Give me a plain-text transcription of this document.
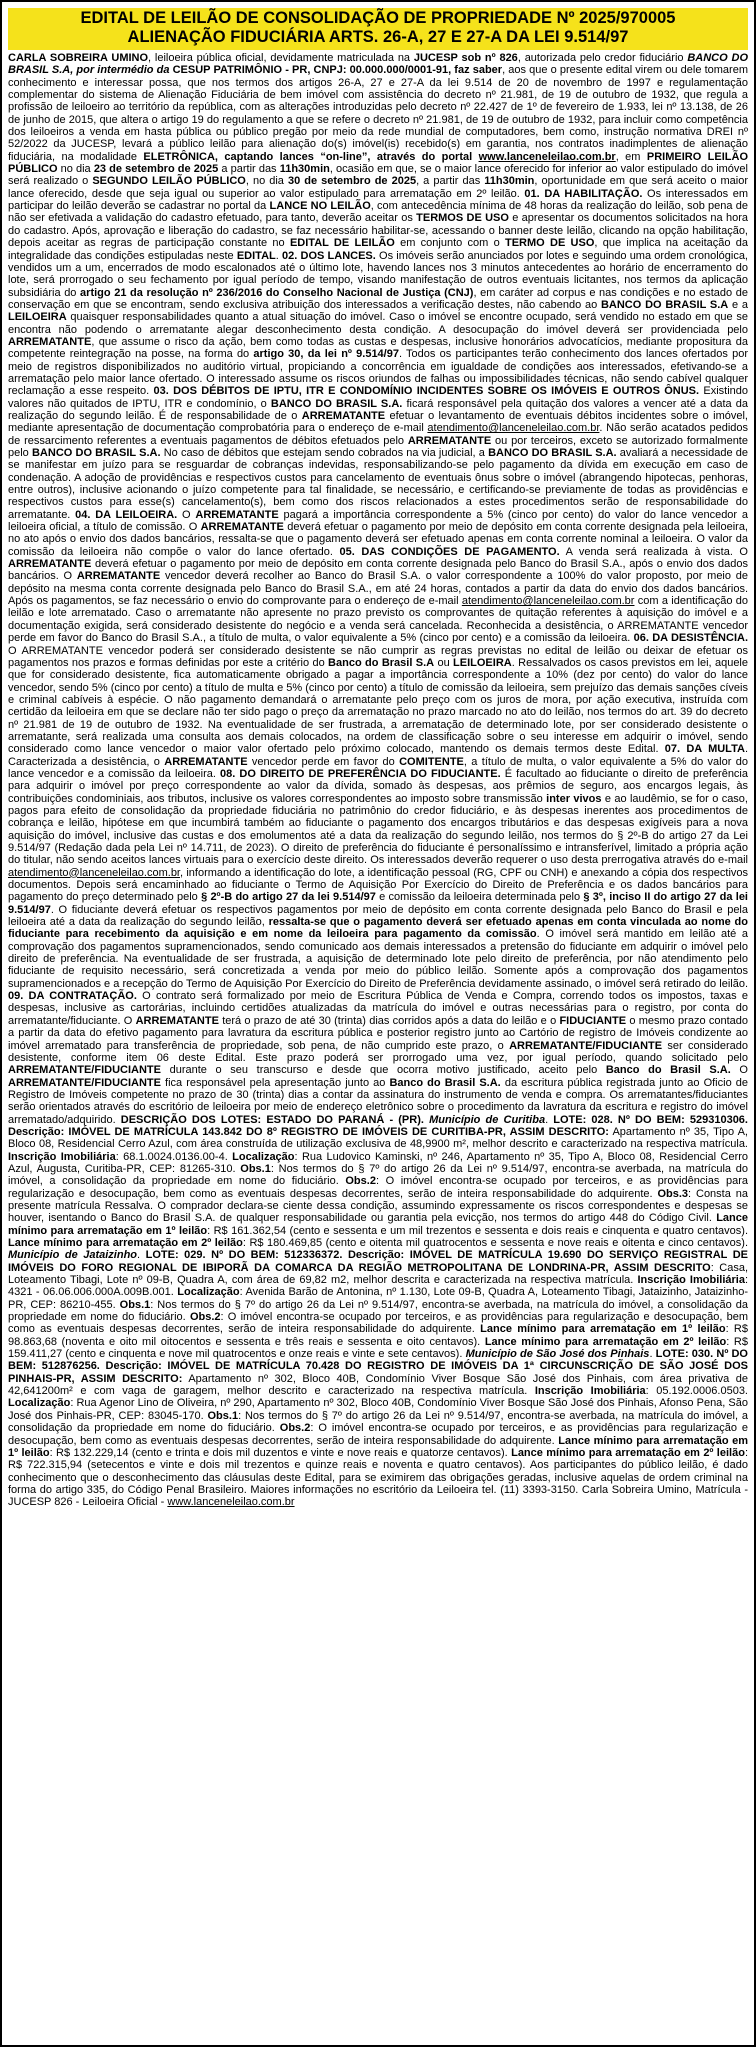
EDITAL DE LEILÃO DE CONSOLIDAÇÃO DE PROPRIEDADE Nº 2025/970005
ALIENAÇÃO FIDUCIÁRIA ARTS. 26-A, 27 E 27-A DA LEI 9.514/97

CARLA SOBREIRA UMINO, leiloeira pública oficial, devidamente matriculada na JUCESP sob nº 826, autorizada pelo credor fiduciário BANCO DO BRASIL S.A, por intermédio da CESUP PATRIMÔNIO - PR, CNPJ: 00.000.000/0001-91, faz saber, aos que o presente edital virem ou dele tomarem conhecimento e interessar possa, que nos termos dos artigos 26-A, 27 e 27-A da lei 9.514 de 20 de novembro de 1997 e regulamentação complementar do sistema de Alienação Fiduciária de bem imóvel com assistência do decreto nº 21.981, de 19 de outubro de 1932, que regula a profissão de leiloeiro ao território da república, com as alterações introduzidas pelo decreto nº 22.427 de 1º de fevereiro de 1.933, lei nº 13.138, de 26 de junho de 2015, que altera o artigo 19 do regulamento a que se refere o decreto nº 21.981, de 19 de outubro de 1932, para incluir como competência dos leiloeiros a venda em hasta pública ou público pregão por meio da rede mundial de computadores, bem como, instrução normativa DREI nº 52/2022 da JUCESP, levará a público leilão para alienação do(s) imóvel(is) recebido(s) em garantia, nos contratos inadimplentes de alienação fiduciária, na modalidade ELETRÔNICA, captando lances “on-line”, através do portal www.lanceneleilao.com.br, em PRIMEIRO LEILÃO PÚBLICO no dia 23 de setembro de 2025 a partir das 11h30min, ocasião em que, se o maior lance oferecido for inferior ao valor estipulado do imóvel será realizado o SEGUNDO LEILÃO PÚBLICO, no dia 30 de setembro de 2025, a partir das 11h30min, oportunidade em que será aceito o maior lance oferecido, desde que seja igual ou superior ao valor estipulado para arrematação em 2º leilão. 01. DA HABILITAÇÃO. Os interessados em participar do leilão deverão se cadastrar no portal da LANCE NO LEILÃO, com antecedência mínima de 48 horas da realização do leilão, sob pena de não ser efetivada a validação do cadastro efetuado, para tanto, deverão aceitar os TERMOS DE USO e apresentar os documentos solicitados na hora do cadastro. Após, aprovação e liberação do cadastro, se faz necessário habilitar-se, acessando o banner deste leilão, clicando na opção habilitação, depois aceitar as regras de participação constante no EDITAL DE LEILÃO em conjunto com o TERMO DE USO, que implica na aceitação da integralidade das condições estipuladas neste EDITAL. 02. DOS LANCES. Os imóveis serão anunciados por lotes e seguindo uma ordem cronológica, vendidos um a um, encerrados de modo escalonados até o último lote, havendo lances nos 3 minutos antecedentes ao horário de encerramento do lote, será prorrogado o seu fechamento por igual período de tempo, visando manifestação de outros eventuais licitantes, nos termos da aplicação subsidiária do artigo 21 da resolução nº 236/2016 do Conselho Nacional de Justiça (CNJ), em caráter ad corpus e nas condições e no estado de conservação em que se encontram, sendo exclusiva atribuição dos interessados a verificação destes, não cabendo ao BANCO DO BRASIL S.A e a LEILOEIRA quaisquer responsabilidades quanto a atual situação do imóvel. Caso o imóvel se encontre ocupado, será vendido no estado em que se encontra não podendo o arrematante alegar desconhecimento desta condição. A desocupação do imóvel deverá ser providenciada pelo ARREMATANTE, que assume o risco da ação, bem como todas as custas e despesas, inclusive honorários advocatícios, mediante propositura da competente reintegração na posse, na forma do artigo 30, da lei nº 9.514/97. Todos os participantes terão conhecimento dos lances ofertados por meio de registros disponibilizados no auditório virtual, propiciando a concorrência em igualdade de condições aos interessados, efetivando-se a arrematação pelo maior lance ofertado. O interessado assume os riscos oriundos de falhas ou impossibilidades técnicas, não sendo cabível qualquer reclamação a esse respeito. 03. DOS DÉBITOS DE IPTU, ITR E CONDOMÍNIO INCIDENTES SOBRE OS IMÓVEIS E OUTROS ÔNUS. Existindo valores não quitados de IPTU, ITR e condomínio, o BANCO DO BRASIL S.A. ficará responsável pela quitação dos valores a vencer até a data da realização do segundo leilão. É de responsabilidade de o ARREMATANTE efetuar o levantamento de eventuais débitos incidentes sobre o imóvel, mediante apresentação de documentação comprobatória para o endereço de e-mail atendimento@lanceneleilao.com.br. Não serão acatados pedidos de ressarcimento referentes a eventuais pagamentos de débitos efetuados pelo ARREMATANTE ou por terceiros, exceto se autorizado formalmente pelo BANCO DO BRASIL S.A. No caso de débitos que estejam sendo cobrados na via judicial, a BANCO DO BRASIL S.A. avaliará a necessidade de se manifestar em juízo para se resguardar de cobranças indevidas, responsabilizando-se pelo pagamento da dívida em execução em caso de condenação. A adoção de providências e respectivos custos para cancelamento de eventuais ônus sobre o imóvel (abrangendo hipotecas, penhoras, entre outros), inclusive acionando o juízo competente para tal finalidade, se necessário, e certificando-se previamente de todas as providências e respectivos custos para esse(s) cancelamento(s), bem como dos riscos relacionados a estes procedimentos serão de responsabilidade do arrematante. 04. DA LEILOEIRA. O ARREMATANTE pagará a importância correspondente a 5% (cinco por cento) do valor do lance vencedor a leiloeira oficial, a título de comissão. O ARREMATANTE deverá efetuar o pagamento por meio de depósito em conta corrente designada pela leiloeira, no ato após o envio dos dados bancários, ressalta-se que o pagamento deverá ser efetuado apenas em conta corrente nominal a leiloeira. O valor da comissão da leiloeira não compõe o valor do lance ofertado. 05. DAS CONDIÇÕES DE PAGAMENTO. A venda será realizada à vista. O ARREMATANTE deverá efetuar o pagamento por meio de depósito em conta corrente designada pelo Banco do Brasil S.A., após o envio dos dados bancários. O ARREMATANTE vencedor deverá recolher ao Banco do Brasil S.A. o valor correspondente a 100% do valor proposto, por meio de depósito na mesma conta corrente designada pelo Banco do Brasil S.A., em até 24 horas, contados a partir da data do envio dos dados bancários. Após os pagamentos, se faz necessário o envio do comprovante para o endereço de e-mail atendimento@lanceneleilao.com.br com a identificação do leilão e lote arrematado. Caso o arrematante não apresente no prazo previsto os comprovantes de quitação referentes à aquisição do imóvel e a documentação exigida, será considerado desistente do negócio e a venda será cancelada. Reconhecida a desistência, o ARREMATANTE vencedor perde em favor do Banco do Brasil S.A., a título de multa, o valor equivalente a 5% (cinco por cento) e a comissão da leiloeira. 06. DA DESISTÊNCIA. O ARREMATANTE vencedor poderá ser considerado desistente se não cumprir as regras previstas no edital de leilão ou deixar de efetuar os pagamentos nos prazos e formas definidas por este a critério do Banco do Brasil S.A ou LEILOEIRA. Ressalvados os casos previstos em lei, aquele que for considerado desistente, fica automaticamente obrigado a pagar a importância correspondente a 10% (dez por cento) do valor do lance vencedor, sendo 5% (cinco por cento) a título de multa e 5% (cinco por cento) a título de comissão da leiloeira, sem prejuízo das demais sanções cíveis e criminal cabíveis à espécie. O não pagamento demandará o arrematante pelo preço com os juros de mora, por ação executiva, instruída com certidão da leiloeira em que se declare não ter sido pago o preço da arrematação no prazo marcado no ato do leilão, nos termos do art. 39 do decreto nº 21.981 de 19 de outubro de 1932. Na eventualidade de ser frustrada, a arrematação de determinado lote, por ser considerado desistente o arrematante, será realizada uma consulta aos demais colocados, na ordem de classificação sobre o seu interesse em adquirir o imóvel, sendo considerado como lance vencedor o maior valor ofertado pelo próximo colocado, mantendo os demais termos deste Edital. 07. DA MULTA. Caracterizada a desistência, o ARREMATANTE vencedor perde em favor do COMITENTE, a título de multa, o valor equivalente a 5% do valor do lance vencedor e a comissão da leiloeira. 08. DO DIREITO DE PREFERÊNCIA DO FIDUCIANTE. É facultado ao fiduciante o direito de preferência para adquirir o imóvel por preço correspondente ao valor da dívida, somado às despesas, aos prêmios de seguro, aos encargos legais, às contribuições condominiais, aos tributos, inclusive os valores correspondentes ao imposto sobre transmissão inter vivos e ao laudêmio, se for o caso, pagos para efeito de consolidação da propriedade fiduciária no patrimônio do credor fiduciário, e às despesas inerentes aos procedimentos de cobrança e leilão, hipótese em que incumbirá também ao fiduciante o pagamento dos encargos tributários e das despesas exigíveis para a nova aquisição do imóvel, inclusive das custas e dos emolumentos até a data da realização do segundo leilão, nos termos do § 2º-B do artigo 27 da Lei 9.514/97 (Redação dada pela Lei nº 14.711, de 2023). O direito de preferência do fiduciante é personalíssimo e intransferível, limitado a própria ação do titular, não sendo aceitos lances virtuais para o exercício deste direito. Os interessados deverão requerer o uso desta prerrogativa através do e-mail atendimento@lanceneleilao.com.br, informando a identificação do lote, a identificação pessoal (RG, CPF ou CNH) e anexando a cópia dos respectivos documentos. Depois será encaminhado ao fiduciante o Termo de Aquisição Por Exercício do Direito de Preferência e os dados bancários para pagamento do preço determinado pelo § 2º-B do artigo 27 da lei 9.514/97 e comissão da leiloeira determinada pelo § 3º, inciso II do artigo 27 da lei 9.514/97. O fiduciante deverá efetuar os respectivos pagamentos por meio de depósito em conta corrente designada pelo Banco do Brasil e pela leiloeira até a data da realização do segundo leilão, ressalta-se que o pagamento deverá ser efetuado apenas em conta vinculada ao nome do fiduciante para recebimento da aquisição e em nome da leiloeira para pagamento da comissão. O imóvel será mantido em leilão até a comprovação dos pagamentos supramencionados, sendo comunicado aos demais interessados a pretensão do fiduciante em adquirir o imóvel pelo direito de preferência. Na eventualidade de ser frustrada, a aquisição de determinado lote pelo direito de preferência, por não atendimento pelo fiduciante de requisito necessário, será concretizada a venda por meio do público leilão. Somente após a comprovação dos pagamentos supramencionados e a recepção do Termo de Aquisição Por Exercício do Direito de Preferência devidamente assinado, o imóvel será retirado do leilão. 09. DA CONTRATAÇÃO. O contrato será formalizado por meio de Escritura Pública de Venda e Compra, correndo todos os impostos, taxas e despesas, inclusive as cartorárias, incluindo certidões atualizadas da matrícula do imóvel e outras necessárias para o registro, por conta do arrematante/fiduciante. O ARREMATANTE terá o prazo de até 30 (trinta) dias corridos após a data do leilão e o FIDUCIANTE o mesmo prazo contado a partir da data do efetivo pagamento para lavratura da escritura pública e posterior registro junto ao Cartório de registro de Imóveis condizente ao imóvel arrematado para transferência de propriedade, sob pena, de não cumprido este prazo, o ARREMATANTE/FIDUCIANTE ser considerado desistente, conforme item 06 deste Edital. Este prazo poderá ser prorrogado uma vez, por igual período, quando solicitado pelo ARREMATANTE/FIDUCIANTE durante o seu transcurso e desde que ocorra motivo justificado, aceito pelo Banco do Brasil S.A. O ARREMATANTE/FIDUCIANTE fica responsável pela apresentação junto ao Banco do Brasil S.A. da escritura pública registrada junto ao Oficio de Registro de Imóveis competente no prazo de 30 (trinta) dias a contar da assinatura do instrumento de venda e compra. Os arrematantes/fiduciantes serão orientados através do escritório de leiloeira por meio de endereço eletrônico sobre o procedimento da lavratura da escritura e registro do imóvel arrematado/adquirido. DESCRIÇÃO DOS LOTES: ESTADO DO PARANÁ - (PR). Município de Curitiba. LOTE: 028. Nº DO BEM: 529310306. Descrição: IMÓVEL DE MATRÍCULA 143.842 DO 8º REGISTRO DE IMÓVEIS DE CURITIBA-PR, ASSIM DESCRITO: Apartamento nº 35, Tipo A, Bloco 08, Residencial Cerro Azul, com área construída de utilização exclusiva de 48,9900 m², melhor descrito e caracterizado na respectiva matrícula. Inscrição Imobiliária: 68.1.0024.0136.00-4. Localização: Rua Ludovico Kaminski, nº 246, Apartamento nº 35, Tipo A, Bloco 08, Residencial Cerro Azul, Augusta, Curitiba-PR, CEP: 81265-310. Obs.1: Nos termos do § 7º do artigo 26 da Lei nº 9.514/97, encontra-se averbada, na matrícula do imóvel, a consolidação da propriedade em nome do fiduciário. Obs.2: O imóvel encontra-se ocupado por terceiros, e as providências para regularização e desocupação, bem como as eventuais despesas decorrentes, serão de inteira responsabilidade do adquirente. Obs.3: Consta na presente matrícula Ressalva. O comprador declara-se ciente dessa condição, assumindo expressamente os riscos correspondentes e despesas se houver, isentando o Banco do Brasil S.A. de qualquer responsabilidade ou garantia pela evicção, nos termos do artigo 448 do Código Civil. Lance mínimo para arrematação em 1º leilão: R$ 161.362,54 (cento e sessenta e um mil trezentos e sessenta e dois reais e cinquenta e quatro centavos). Lance mínimo para arrematação em 2º leilão: R$ 180.469,85 (cento e oitenta mil quatrocentos e sessenta e nove reais e oitenta e cinco centavos). Município de Jataizinho. LOTE: 029. Nº DO BEM: 512336372. Descrição: IMÓVEL DE MATRÍCULA 19.690 DO SERVIÇO REGISTRAL DE IMÓVEIS DO FORO REGIONAL DE IBIPORÃ DA COMARCA DA REGIÃO METROPOLITANA DE LONDRINA-PR, ASSIM DESCRITO: Casa, Loteamento Tibagi, Lote nº 09-B, Quadra A, com área de 69,82 m2, melhor descrita e caracterizada na respectiva matrícula. Inscrição Imobiliária: 4321 - 06.06.006.000A.009B.001. Localização: Avenida Barão de Antonina, nº 1.130, Lote 09-B, Quadra A, Loteamento Tibagi, Jataizinho, Jataizinho-PR, CEP: 86210-455. Obs.1: Nos termos do § 7º do artigo 26 da Lei nº 9.514/97, encontra-se averbada, na matrícula do imóvel, a consolidação da propriedade em nome do fiduciário. Obs.2: O imóvel encontra-se ocupado por terceiros, e as providências para regularização e desocupação, bem como as eventuais despesas decorrentes, serão de inteira responsabilidade do adquirente. Lance mínimo para arrematação em 1º leilão: R$ 98.863,68 (noventa e oito mil oitocentos e sessenta e três reais e sessenta e oito centavos). Lance mínimo para arrematação em 2º leilão: R$ 159.411,27 (cento e cinquenta e nove mil quatrocentos e onze reais e vinte e sete centavos). Município de São José dos Pinhais. LOTE: 030. Nº DO BEM: 512876256. Descrição: IMÓVEL DE MATRÍCULA 70.428 DO REGISTRO DE IMÓVEIS DA 1ª CIRCUNSCRIÇÃO DE SÃO JOSÉ DOS PINHAIS-PR, ASSIM DESCRITO: Apartamento nº 302, Bloco 40B, Condomínio Viver Bosque São José dos Pinhais, com área privativa de 42,641200m² e com vaga de garagem, melhor descrito e caracterizado na respectiva matrícula. Inscrição Imobiliária: 05.192.0006.0503. Localização: Rua Agenor Lino de Oliveira, nº 290, Apartamento nº 302, Bloco 40B, Condomínio Viver Bosque São José dos Pinhais, Afonso Pena, São José dos Pinhais-PR, CEP: 83045-170. Obs.1: Nos termos do § 7º do artigo 26 da Lei nº 9.514/97, encontra-se averbada, na matrícula do imóvel, a consolidação da propriedade em nome do fiduciário. Obs.2: O imóvel encontra-se ocupado por terceiros, e as providências para regularização e desocupação, bem como as eventuais despesas decorrentes, serão de inteira responsabilidade do adquirente. Lance mínimo para arrematação em 1º leilão: R$ 132.229,14 (cento e trinta e dois mil duzentos e vinte e nove reais e quatorze centavos). Lance mínimo para arrematação em 2º leilão: R$ 722.315,94 (setecentos e vinte e dois mil trezentos e quinze reais e noventa e quatro centavos). Aos participantes do público leilão, é dado conhecimento que o desconhecimento das cláusulas deste Edital, para se eximirem das obrigações geradas, inclusive aquelas de ordem criminal na forma do artigo 335, do Código Penal Brasileiro. Maiores informações no escritório da Leiloeira tel. (11) 3393-3150. Carla Sobreira Umino, Matrícula - JUCESP 826 - Leiloeira Oficial - www.lanceneleilao.com.br
